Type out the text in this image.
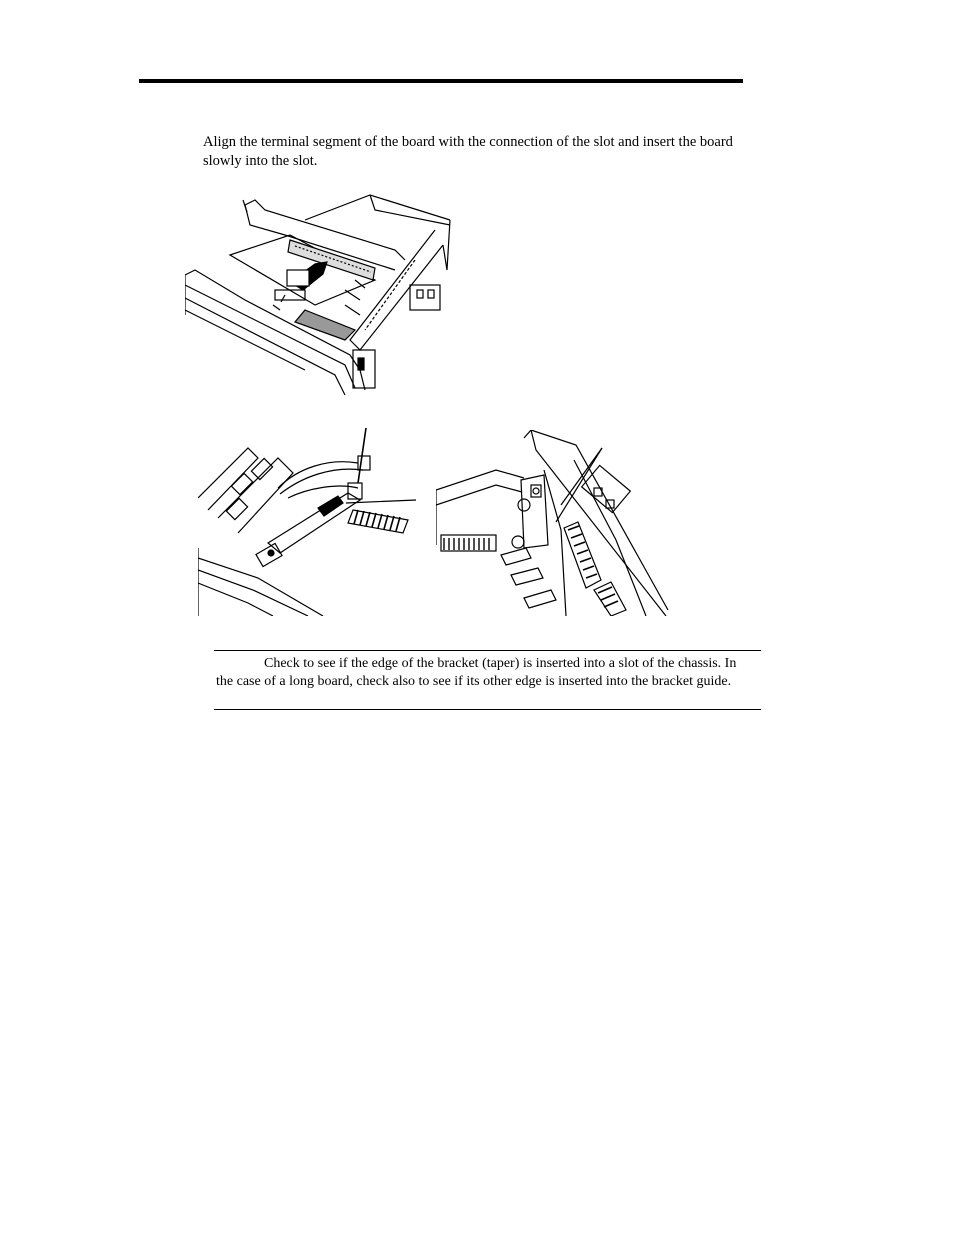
Align the terminal segment of the board with the connection of the slot and insert the board slowly into the slot.
Check to see if the edge of the bracket (taper) is inserted into a slot of the chassis. In the case of a long board, check also to see if its other edge is inserted into the bracket guide.
